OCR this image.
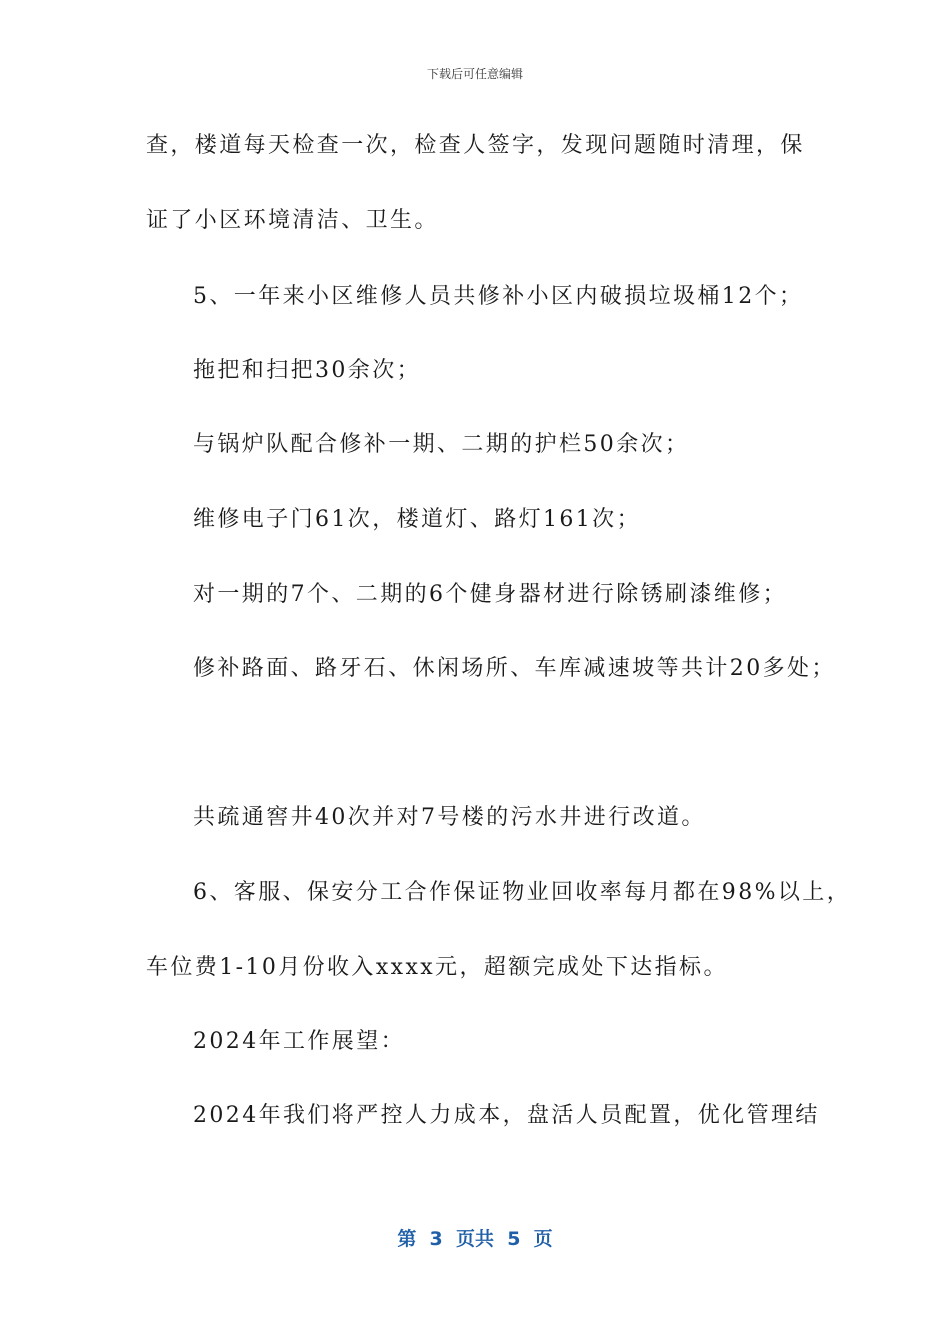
下载后可任意编辑
查，楼道每天检查一次，检查人签字，发现问题随时清理，保
证了小区环境清洁、卫生。
5、一年来小区维修人员共修补小区内破损垃圾桶12个；
拖把和扫把30余次；
与锅炉队配合修补一期、二期的护栏50余次；
维修电子门61次，楼道灯、路灯161次；
对一期的7个、二期的6个健身器材进行除锈刷漆维修；
修补路面、路牙石、休闲场所、车库减速坡等共计20多处；
共疏通窖井40次并对7号楼的污水井进行改道。
6、客服、保安分工合作保证物业回收率每月都在98%以上，
车位费1-10月份收入xxxx元，超额完成处下达指标。
2024年工作展望：
2024年我们将严控人力成本，盘活人员配置，优化管理结
第  3  页共  5  页
